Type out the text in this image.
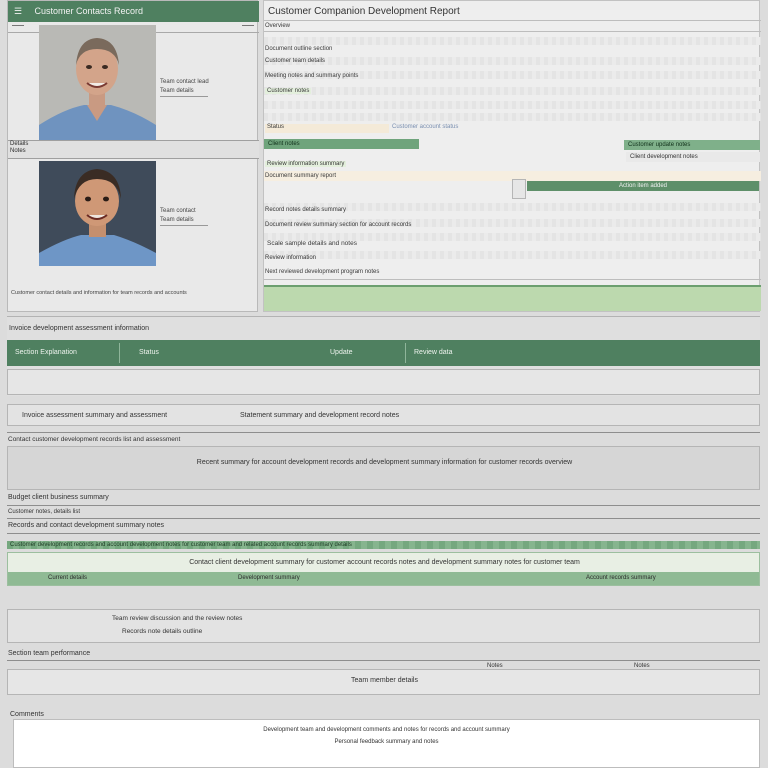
☰ Customer Contacts Record
Team contact lead
Team details
Details
Notes
Team contact
Team details
Customer contact details and information for team records and accounts
Customer Companion Development Report
Overview
Document outline section
Customer team details
Meeting notes and summary points
Customer notes
Status	Customer account status
Client notes	Customer update notes
Client development notes
Review information summary
Document summary report
Action item added
Record notes details summary
Document review summary section for account records
Scale sample details and notes
Review information
Next reviewed development program notes
Invoice development assessment information
Section Explanation	Status	Update	Review data
Invoice assessment summary and assessment	Statement summary and development record notes
Contact customer development records list and assessment
Recent summary for account development records and development summary information for customer records overview
Budget client business summary
Customer notes, details list
Records and contact development summary notes
Customer development records and account development notes for customer team and related account records summary details
Contact client development summary for customer account records notes and development summary notes for customer team
Current details	Development summary	Account records summary
Team review discussion and the review notes
Records note details outline
Section team performance
Notes	Notes
Team member details
Comments
Development team and development comments and notes for records and account summary
Personal feedback summary and notes
